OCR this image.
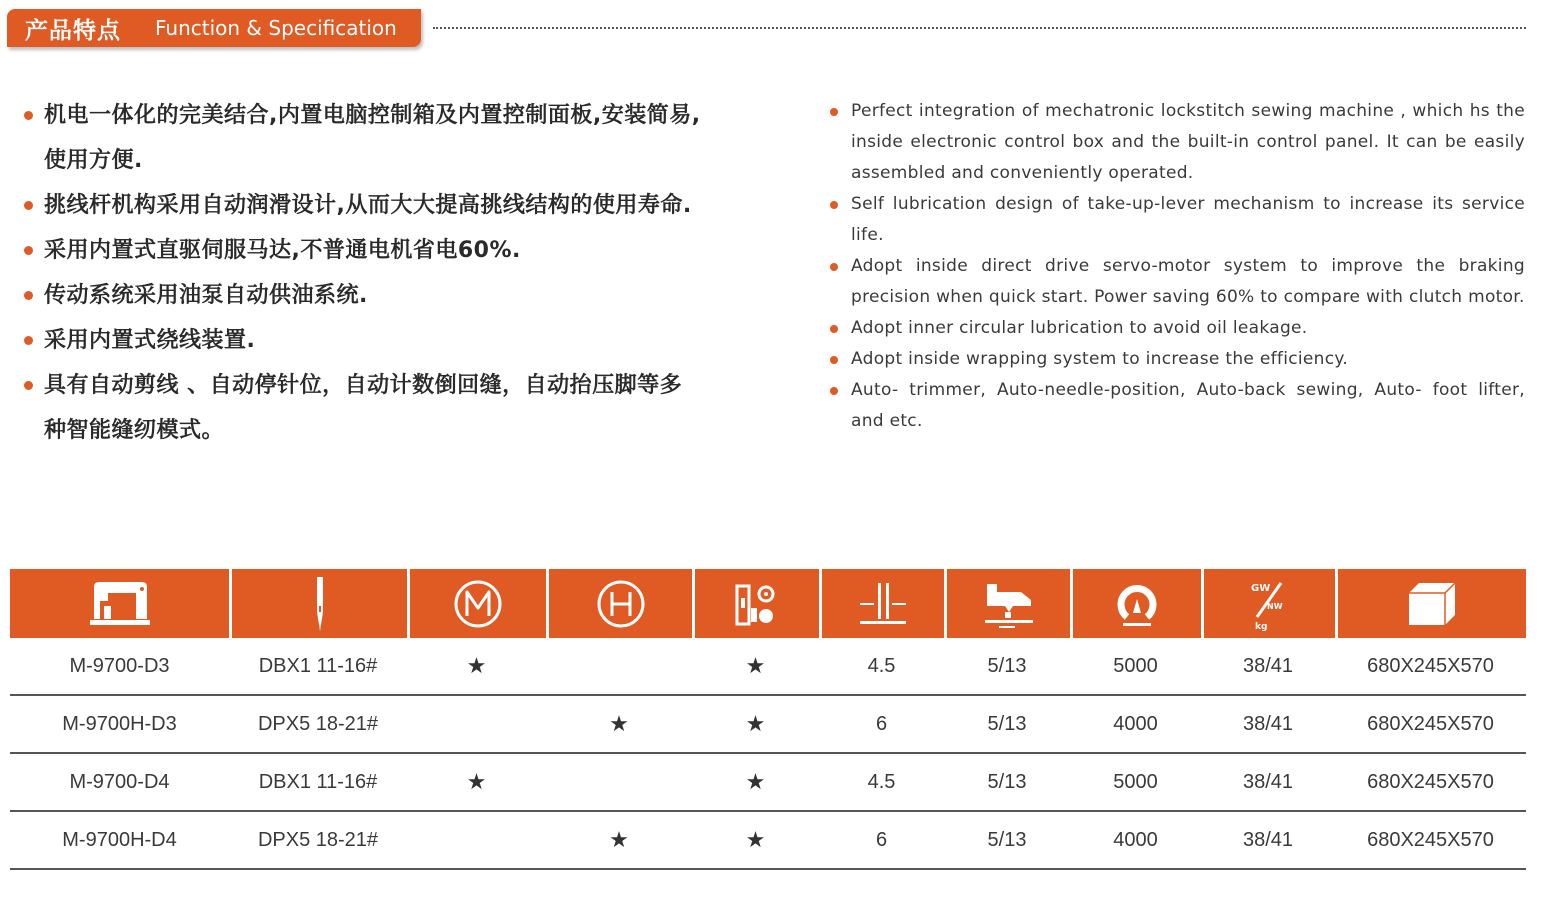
产品特点 Function & Specification
机电一体化的完美结合,内置电脑控制箱及内置控制面板,安装简易,使用方便.
挑线杆机构采用自动润滑设计,从而大大提高挑线结构的使用寿命.
采用内置式直驱伺服马达,不普通电机省电60%.
传动系统采用油泵自动供油系统.
采用内置式绕线装置.
具有自动剪线 、自动停针位，自动计数倒回缝，自动抬压脚等多种智能缝纫模式。
Perfect integration of mechatronic lockstitch sewing machine , which hs the inside electronic control box and the built-in control panel. It can be easily assembled and conveniently operated.
Self lubrication design of take-up-lever mechanism to increase its service life.
Adopt inside direct drive servo-motor system to improve the braking precision when quick start. Power saving 60% to compare with clutch motor.
Adopt inner circular lubrication to avoid oil leakage.
Adopt inside wrapping system to increase the efficiency.
Auto- trimmer, Auto-needle-position, Auto-back sewing, Auto- foot lifter, and etc.

GW
NW
kg

M-9700-D3	DBX1 11-16#	★		★	4.5	5/13	5000	38/41	680X245X570
M-9700H-D3	DPX5 18-21#		★	★	6	5/13	4000	38/41	680X245X570
M-9700-D4	DBX1 11-16#	★		★	4.5	5/13	5000	38/41	680X245X570
M-9700H-D4	DPX5 18-21#		★	★	6	5/13	4000	38/41	680X245X570
